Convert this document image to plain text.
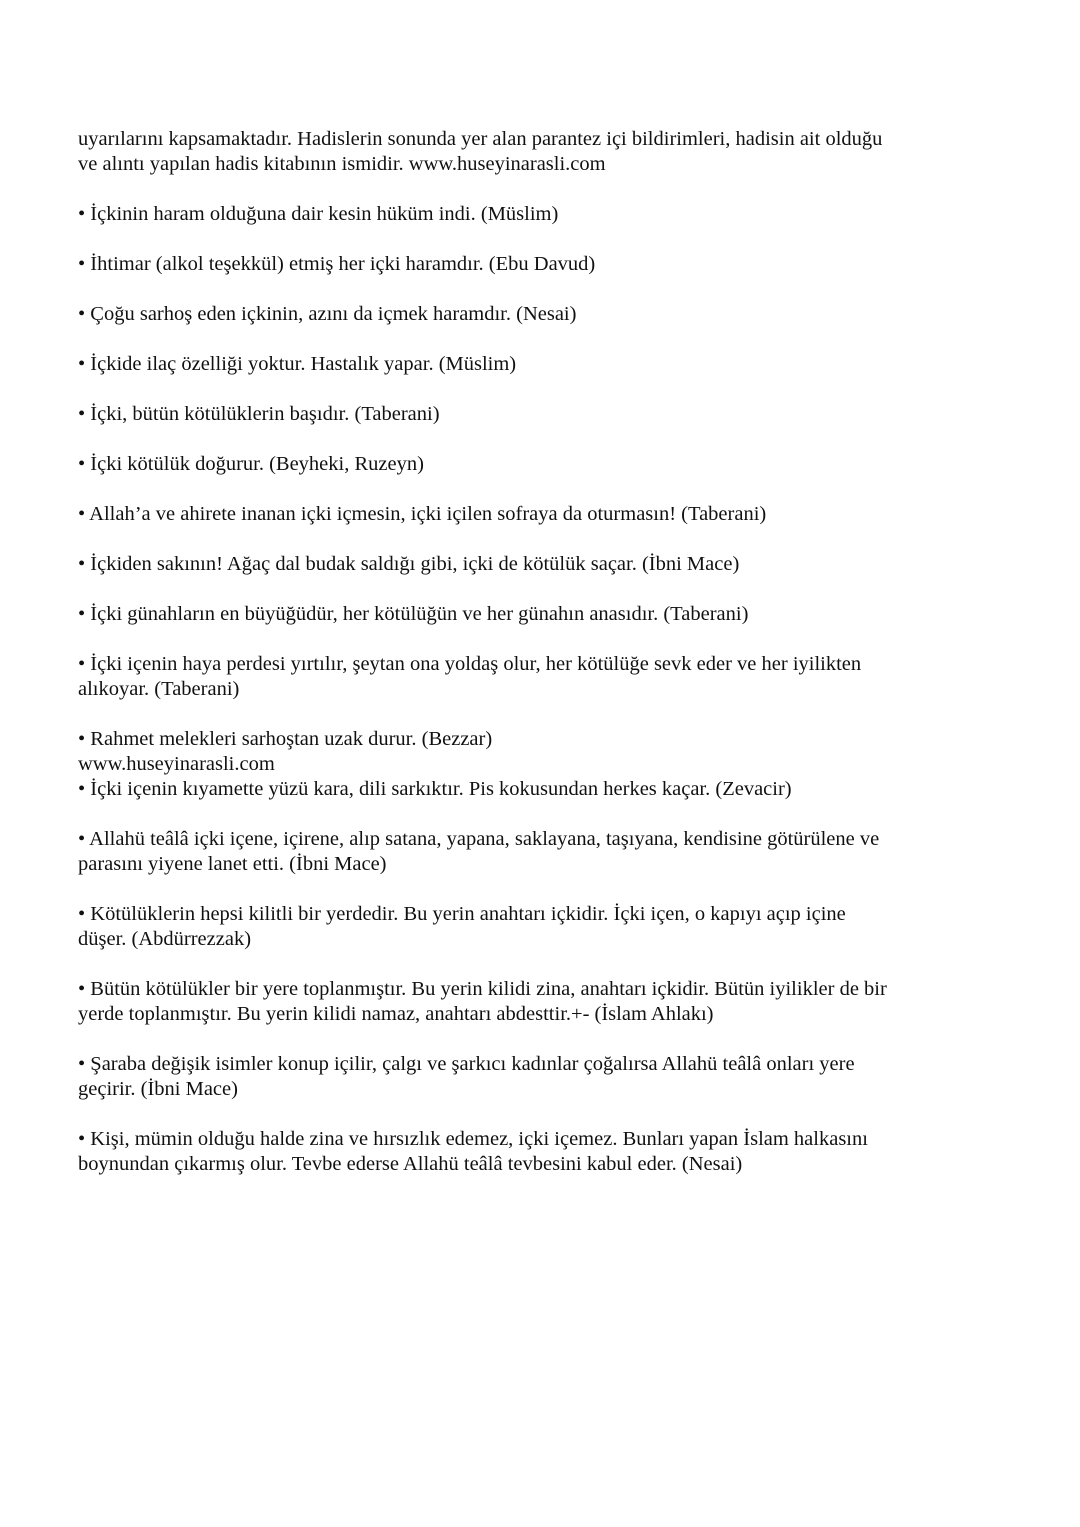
uyarılarını kapsamaktadır. Hadislerin sonunda yer alan parantez içi bildirimleri, hadisin ait olduğu
ve alıntı yapılan hadis kitabının ismidir. www.huseyinarasli.com

• İçkinin haram olduğuna dair kesin hüküm indi. (Müslim)

• İhtimar (alkol teşekkül) etmiş her içki haramdır. (Ebu Davud)

• Çoğu sarhoş eden içkinin, azını da içmek haramdır. (Nesai)

• İçkide ilaç özelliği yoktur. Hastalık yapar. (Müslim)

• İçki, bütün kötülüklerin başıdır. (Taberani)

• İçki kötülük doğurur. (Beyheki, Ruzeyn)

• Allah’a ve ahirete inanan içki içmesin, içki içilen sofraya da oturmasın! (Taberani)

• İçkiden sakının! Ağaç dal budak saldığı gibi, içki de kötülük saçar. (İbni Mace)

• İçki günahların en büyüğüdür, her kötülüğün ve her günahın anasıdır. (Taberani)

• İçki içenin haya perdesi yırtılır, şeytan ona yoldaş olur, her kötülüğe sevk eder ve her iyilikten
alıkoyar. (Taberani)

• Rahmet melekleri sarhoştan uzak durur. (Bezzar)
www.huseyinarasli.com
• İçki içenin kıyamette yüzü kara, dili sarkıktır. Pis kokusundan herkes kaçar. (Zevacir)

• Allahü teâlâ içki içene, içirene, alıp satana, yapana, saklayana, taşıyana, kendisine götürülene ve
parasını yiyene lanet etti. (İbni Mace)

• Kötülüklerin hepsi kilitli bir yerdedir. Bu yerin anahtarı içkidir. İçki içen, o kapıyı açıp içine
düşer. (Abdürrezzak)

• Bütün kötülükler bir yere toplanmıştır. Bu yerin kilidi zina, anahtarı içkidir. Bütün iyilikler de bir
yerde toplanmıştır. Bu yerin kilidi namaz, anahtarı abdesttir.+- (İslam Ahlakı)

• Şaraba değişik isimler konup içilir, çalgı ve şarkıcı kadınlar çoğalırsa Allahü teâlâ onları yere
geçirir. (İbni Mace)

• Kişi, mümin olduğu halde zina ve hırsızlık edemez, içki içemez. Bunları yapan İslam halkasını
boynundan çıkarmış olur. Tevbe ederse Allahü teâlâ tevbesini kabul eder. (Nesai)
